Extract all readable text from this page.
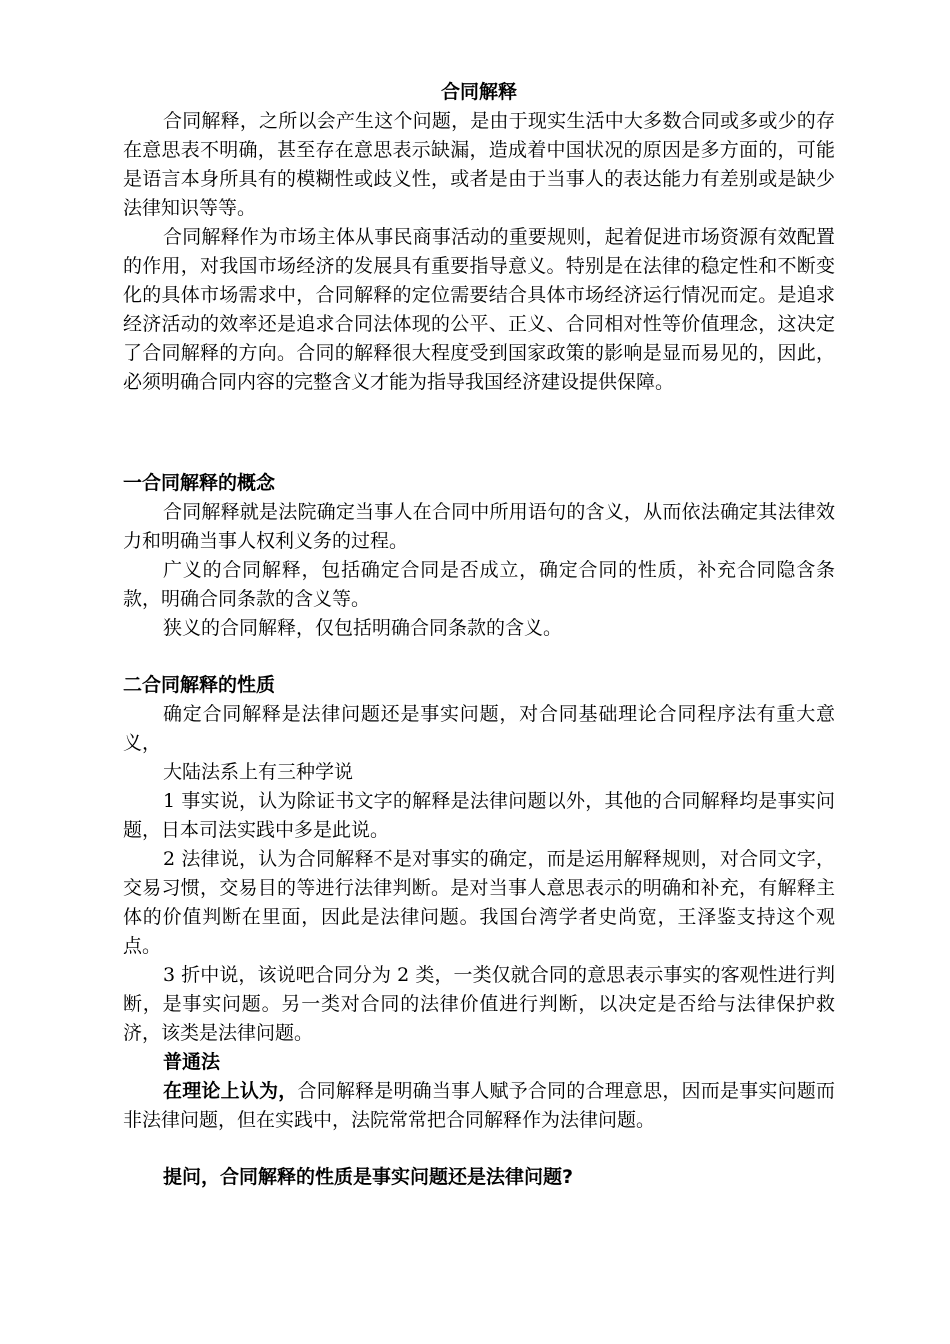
合同解释

合同解释，之所以会产生这个问题，是由于现实生活中大多数合同或多或少的存在意思表不明确，甚至存在意思表示缺漏，造成着中国状况的原因是多方面的，可能是语言本身所具有的模糊性或歧义性，或者是由于当事人的表达能力有差别或是缺少法律知识等等。

合同解释作为市场主体从事民商事活动的重要规则，起着促进市场资源有效配置的作用，对我国市场经济的发展具有重要指导意义。特别是在法律的稳定性和不断变化的具体市场需求中，合同解释的定位需要结合具体市场经济运行情况而定。是追求经济活动的效率还是追求合同法体现的公平、正义、合同相对性等价值理念，这决定了合同解释的方向。合同的解释很大程度受到国家政策的影响是显而易见的，因此，必须明确合同内容的完整含义才能为指导我国经济建设提供保障。

一合同解释的概念

合同解释就是法院确定当事人在合同中所用语句的含义，从而依法确定其法律效力和明确当事人权利义务的过程。

广义的合同解释，包括确定合同是否成立，确定合同的性质，补充合同隐含条款，明确合同条款的含义等。

狭义的合同解释，仅包括明确合同条款的含义。

二合同解释的性质

确定合同解释是法律问题还是事实问题，对合同基础理论合同程序法有重大意义，

大陆法系上有三种学说

1 事实说，认为除证书文字的解释是法律问题以外，其他的合同解释均是事实问题，日本司法实践中多是此说。

2 法律说，认为合同解释不是对事实的确定，而是运用解释规则，对合同文字，交易习惯，交易目的等进行法律判断。是对当事人意思表示的明确和补充，有解释主体的价值判断在里面，因此是法律问题。我国台湾学者史尚宽，王泽鉴支持这个观点。

3 折中说，该说吧合同分为 2 类，一类仅就合同的意思表示事实的客观性进行判断，是事实问题。另一类对合同的法律价值进行判断，以决定是否给与法律保护救济，该类是法律问题。

普通法

在理论上认为，合同解释是明确当事人赋予合同的合理意思，因而是事实问题而非法律问题，但在实践中，法院常常把合同解释作为法律问题。

提问，合同解释的性质是事实问题还是法律问题?
